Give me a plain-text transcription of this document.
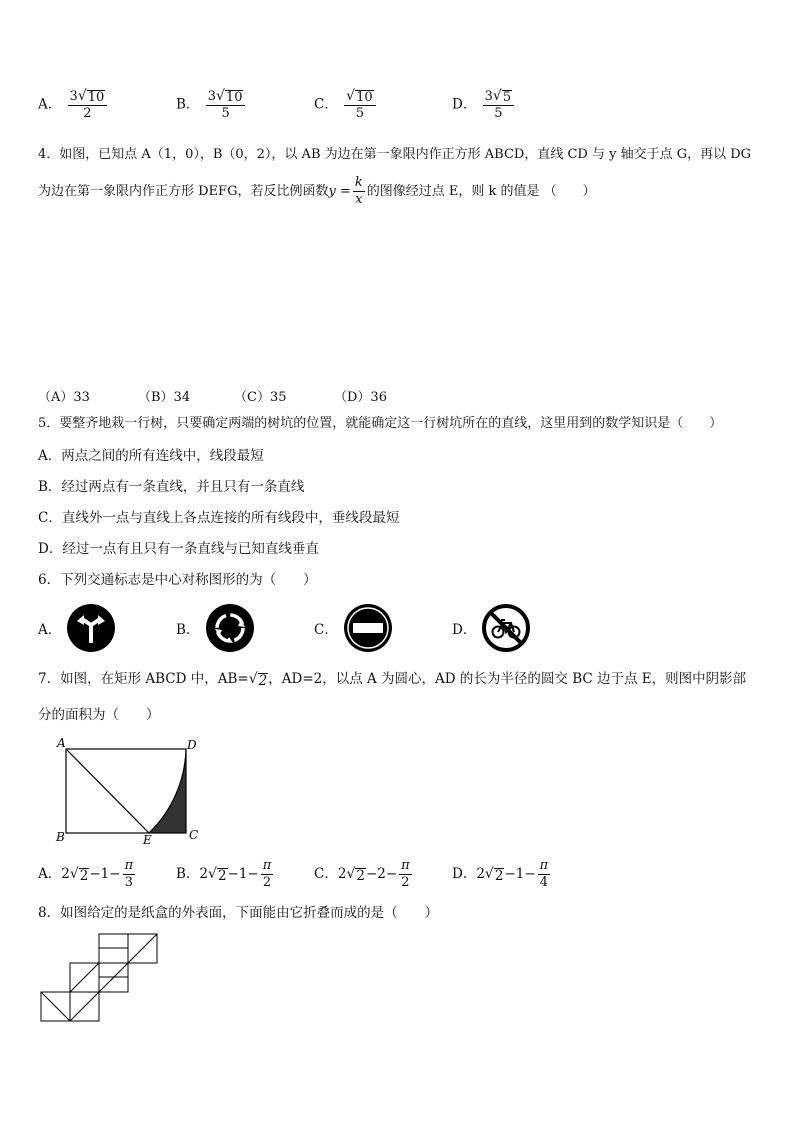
A． $\frac{3 √ 10}{2}$	B． $\frac{3 √ 10}{5}$	C． $\frac{√ 10}{5}$	D． $\frac{3 √ 5}{5}$
4．如图，已知点 A（1，0），B（0，2），以 AB 为边在第一象限内作正方形 ABCD，直线 CD 与 y 轴交于点 G，再以 DG
为边在第一象限内作正方形 DEFG，若反比例函数$y = \frac{k}{x}$ 的图像经过点 E，则 k 的值是 （　　）
（A）33	（B）34	（C）35	（D）36
5．要整齐地栽一行树，只要确定两端的树坑的位置，就能确定这一行树坑所在的直线，这里用到的数学知识是（　　）
A．两点之间的所有连线中，线段最短
B．经过两点有一条直线，并且只有一条直线
C．直线外一点与直线上各点连接的所有线段中，垂线段最短
D．经过一点有且只有一条直线与已知直线垂直
6．下列交通标志是中心对称图形的为（　　）
A．	B．	C．	D．
7．如图，在矩形 ABCD 中，AB= √ 2 ，AD=2，以点 A 为圆心，AD 的长为半径的圆交 BC 边于点 E，则图中阴影部
分的面积为（　　）
A	D
B	E	C
A．2 √ $2 -1- \frac{\pi}{3}$	B．2 √ $2 -1- \frac{\pi}{2}$	C．2 √ $2 -2- \frac{\pi}{2}$	D．2 √ $2 -1- \frac{\pi}{4}$
8．如图给定的是纸盒的外表面，下面能由它折叠而成的是（　　）
